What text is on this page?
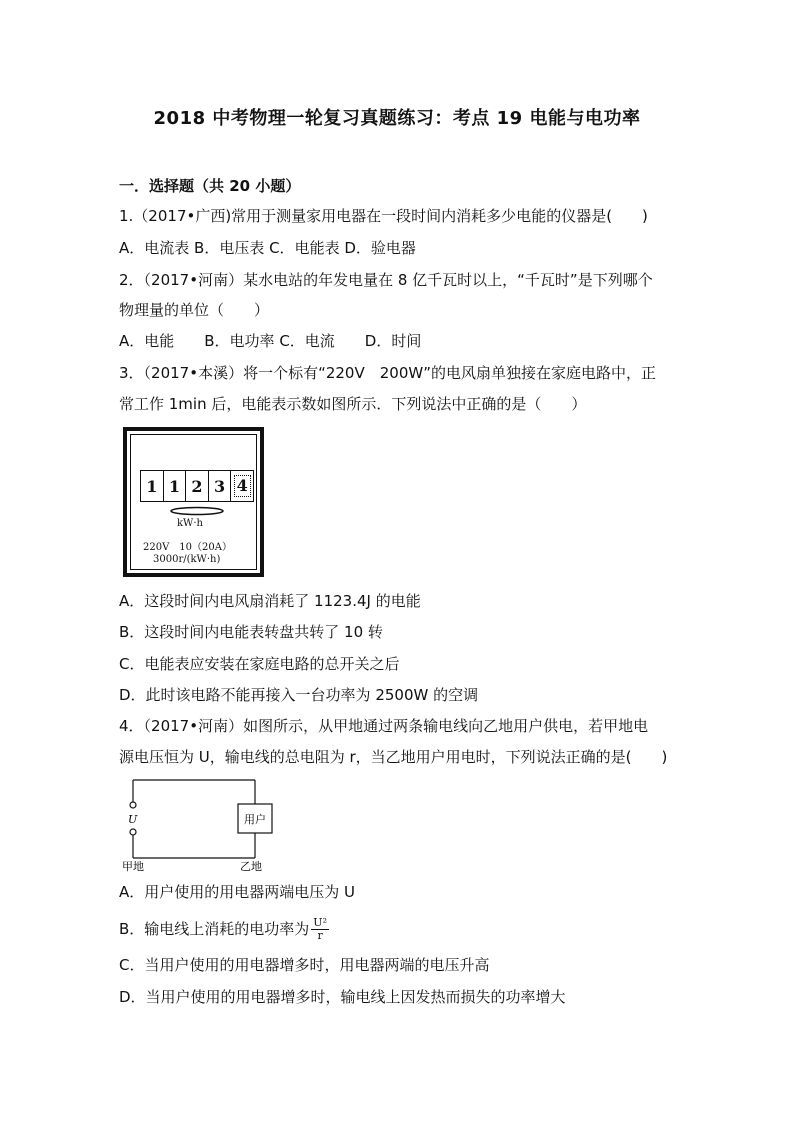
2018 中考物理一轮复习真题练习：考点 19 电能与电功率
一．选择题（共 20 小题）
1.（2017•广西)常用于测量家用电器在一段时间内消耗多少电能的仪器是(　　)
A．电流表 B．电压表 C．电能表 D．验电器
2．（2017•河南）某水电站的年发电量在 8 亿千瓦时以上，“千瓦时”是下列哪个
物理量的单位（　　）
A．电能　　B．电功率 C．电流　　D．时间
3．（2017•本溪）将一个标有“220V　200W”的电风扇单独接在家庭电路中，正
常工作 1min 后，电能表示数如图所示．下列说法中正确的是（　　）
1 1 2 3 4
kW·h
220V　10（20A）
3000r/(kW·h)
A．这段时间内电风扇消耗了 1123.4J 的电能
B．这段时间内电能表转盘共转了 10 转
C．电能表应安装在家庭电路的总开关之后
D．此时该电路不能再接入一台功率为 2500W 的空调
4．（2017•河南）如图所示，从甲地通过两条输电线向乙地用户供电，若甲地电
源电压恒为 U，输电线的总电阻为 r，当乙地用户用电时，下列说法正确的是(　　)
U	用户
甲地	乙地
A．用户使用的用电器两端电压为 U
B．输电线上消耗的电功率为 $\frac{\text{U²}}{r}$
C．当用户使用的用电器增多时，用电器两端的电压升高
D．当用户使用的用电器增多时，输电线上因发热而损失的功率增大
